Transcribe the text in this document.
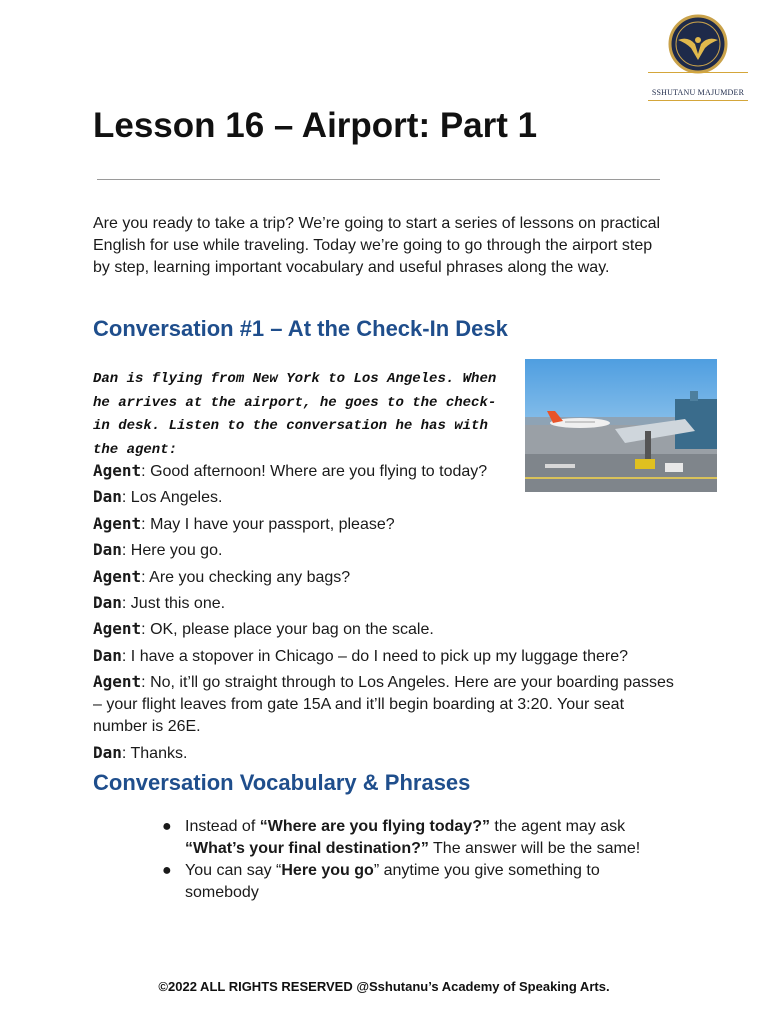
SSHUTANU MAJUMDER
Lesson 16 – Airport: Part 1

Are you ready to take a trip? We’re going to start a series of lessons on practical English for use while traveling. Today we’re going to go through the airport step by step, learning important vocabulary and useful phrases along the way.

Conversation #1 – At the Check-In Desk

Dan is flying from New York to Los Angeles. When he arrives at the airport, he goes to the check-in desk. Listen to the conversation he has with the agent:

Agent: Good afternoon! Where are you flying to today?

Dan: Los Angeles.

Agent: May I have your passport, please?

Dan: Here you go.

Agent: Are you checking any bags?

Dan: Just this one.

Agent: OK, please place your bag on the scale.

Dan: I have a stopover in Chicago – do I need to pick up my luggage there?

Agent: No, it’ll go straight through to Los Angeles. Here are your boarding passes – your flight leaves from gate 15A and it’ll begin boarding at 3:20. Your seat number is 26E.

Dan: Thanks.

Conversation Vocabulary & Phrases
● Instead of “Where are you flying today?” the agent may ask “What’s your final destination?” The answer will be the same!
● You can say “Here you go” anytime you give something to somebody

©2022 ALL RIGHTS RESERVED @Sshutanu’s Academy of Speaking Arts.
